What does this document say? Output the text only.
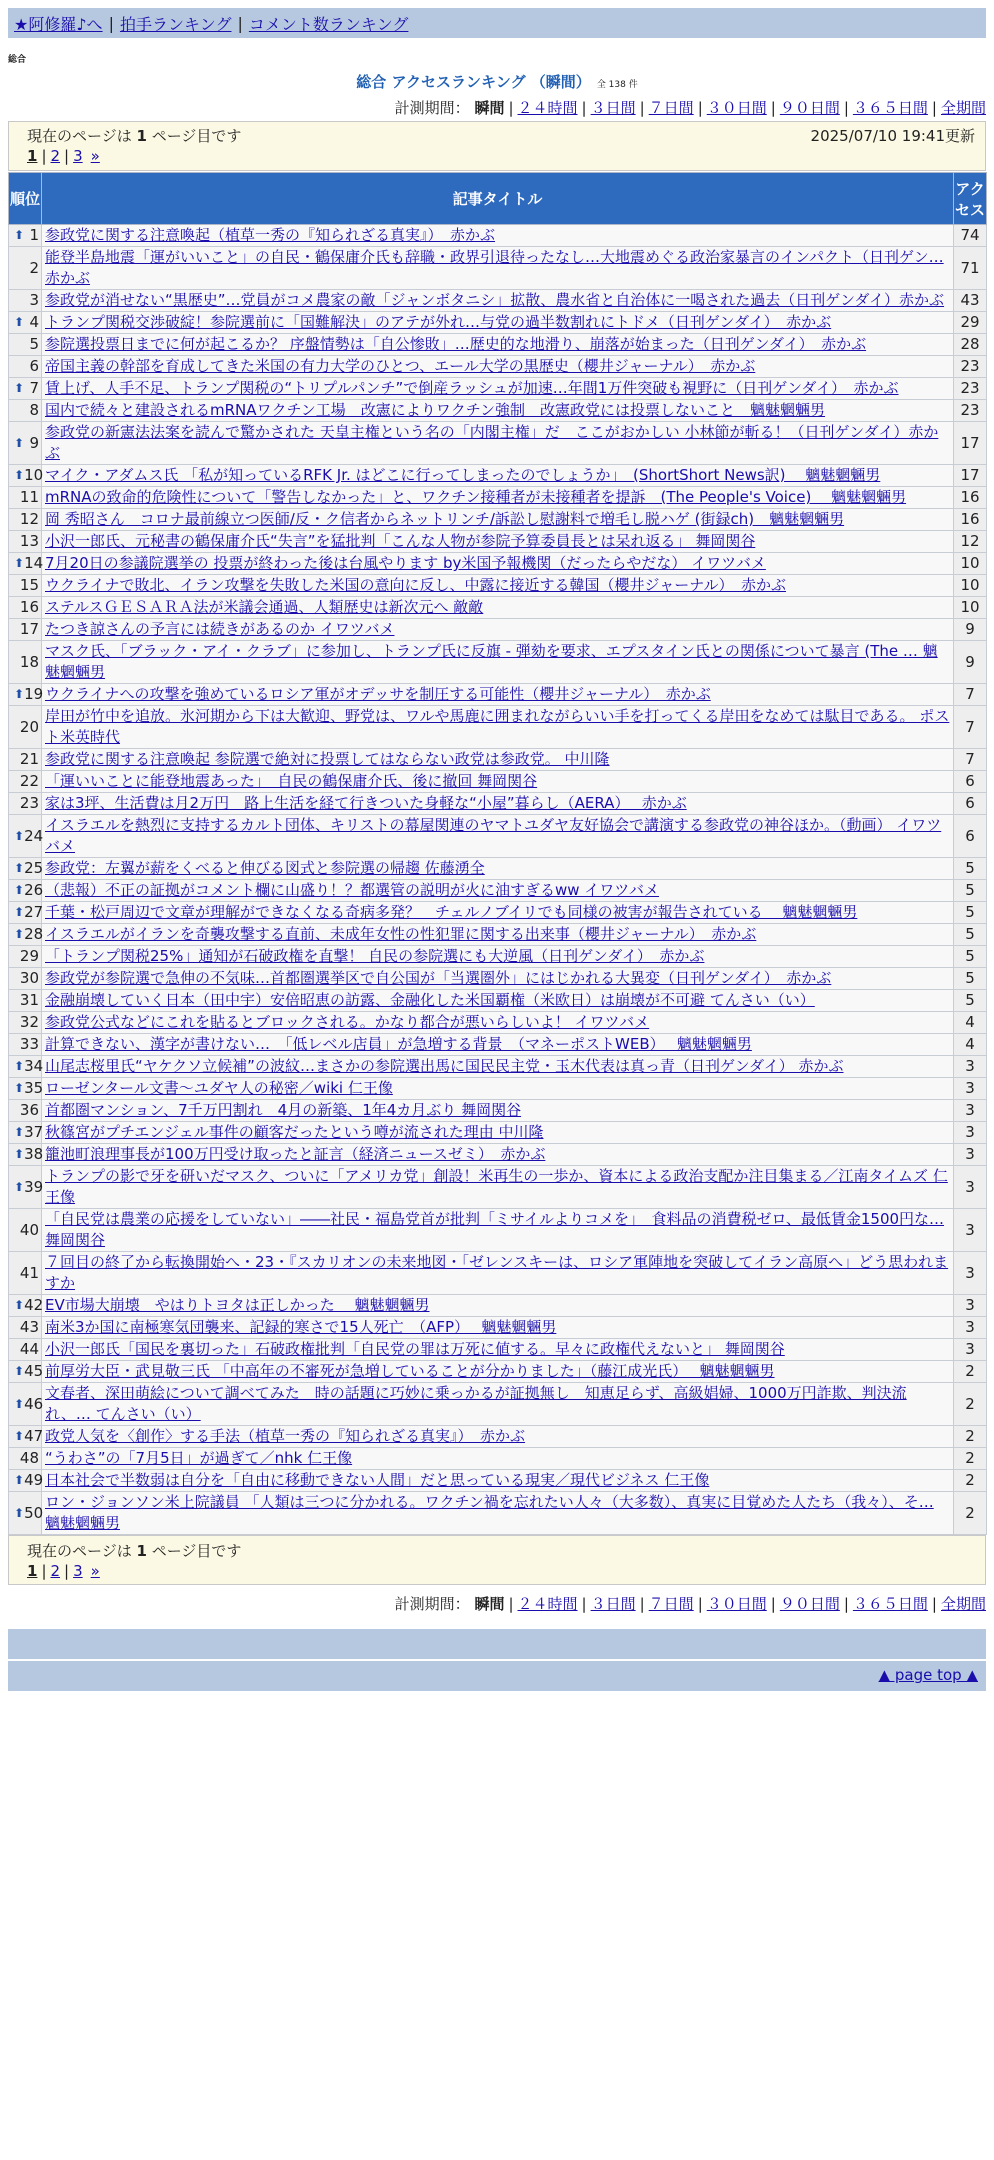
★阿修羅♪へ | 拍手ランキング | コメント数ランキング
総合
総合 アクセスランキング （瞬間） 全 138 件
計測期間： 瞬間 | ２４時間 | ３日間 | ７日間 | ３０日間 | ９０日間 | ３６５日間 | 全期間
現在のページは 1 ページ目です	2025/07/10 19:41更新
1 | 2 | 3 »
順位	記事タイトル	アクセス

⬆ 1	参政党に関する注意喚起（植草一秀の『知られざる真実』）　赤かぶ	74
2	能登半島地震「運がいいこと」の自民・鶴保庸介氏も辞職・政界引退待ったなし…大地震めぐる政治家暴言のインパクト（日刊ゲン… 赤かぶ	71
3	参政党が消せない“黒歴史”…党員がコメ農家の敵「ジャンボタニシ」拡散、農水省と自治体に一喝された過去（日刊ゲンダイ）赤かぶ	43

⬆ 4	トランプ関税交渉破綻！参院選前に「国難解決」のアテが外れ…与党の過半数割れにトドメ（日刊ゲンダイ）　赤かぶ	29
5	参院選投票日までに何が起こるか？ 序盤情勢は「自公惨敗」…歴史的な地滑り、崩落が始まった（日刊ゲンダイ）　赤かぶ	28
6	帝国主義の幹部を育成してきた米国の有力大学のひとつ、エール大学の黒歴史（櫻井ジャーナル）　赤かぶ	23

⬆ 7	賃上げ、人手不足、トランプ関税の“トリプルパンチ”で倒産ラッシュが加速…年間1万件突破も視野に（日刊ゲンダイ）　赤かぶ	23
8	国内で続々と建設されるmRNAワクチン工場　改憲によりワクチン強制　改憲政党には投票しないこと　魑魅魍魎男	23

⬆ 9	参政党の新憲法法案を読んで驚かされた 天皇主権という名の「内閣主権」だ　ここがおかしい 小林節が斬る！（日刊ゲンダイ）赤かぶ	17

⬆ 10	マイク・アダムス氏 「私が知っているRFK Jr. はどこに行ってしまったのでしょうか」　(ShortShort News訳)　 魑魅魍魎男	17
11	mRNAの致命的危険性について「警告しなかった」と、ワクチン接種者が未接種者を提訴　(The People's Voice)　 魑魅魍魎男	16
12	岡 秀昭さん　コロナ最前線立つ医師/反・ク信者からネットリンチ/訴訟し慰謝料で増毛し脱ハゲ (街録ch)　魑魅魍魎男	16
13	小沢一郎氏、元秘書の鶴保庸介氏“失言”を猛批判「こんな人物が参院予算委員長とは呆れ返る」 舞岡関谷	12

⬆ 14	7月20日の参議院選挙の 投票が終わった後は台風やります by米国予報機関（だったらやだな） イワツバメ	10
15	ウクライナで敗北、イラン攻撃を失敗した米国の意向に反し、中露に接近する韓国（櫻井ジャーナル）　赤かぶ	10
16	ステルスＧＥＳＡＲＡ法が米議会通過、人類歴史は新次元へ 敵敵	10
17	たつき諒さんの予言には続きがあるのか イワツバメ	9
18	マスク氏、「ブラック・アイ・クラブ」に参加し、トランプ氏に反旗 - 弾劾を要求、エプスタイン氏との関係について暴言 (The … 魑魅魍魎男	9

⬆ 19	ウクライナへの攻撃を強めているロシア軍がオデッサを制圧する可能性（櫻井ジャーナル）　赤かぶ	7
20	岸田が竹中を追放。氷河期から下は大歓迎、野党は、ワルや馬鹿に囲まれながらいい手を打ってくる岸田をなめては駄目である。 ポスト米英時代	7
21	参政党に関する注意喚起 参院選で絶対に投票してはならない政党は参政党。 中川隆	7
22	「運いいことに能登地震あった」　自民の鶴保庸介氏、後に撤回 舞岡関谷	6
23	家は3坪、生活費は月2万円　路上生活を経て行きついた身軽な“小屋”暮らし（AERA）　 赤かぶ	6

⬆ 24	イスラエルを熱烈に支持するカルト団体、キリストの幕屋関連のヤマトユダヤ友好協会で講演する参政党の神谷ほか。（動画） イワツバメ	6

⬆ 25	参政党：左翼が薪をくべると伸びる図式と参院選の帰趨 佐藤湧全	5

⬆ 26	（悲報）不正の証拠がコメント欄に山盛り！？都選管の説明が火に油すぎるww イワツバメ	5

⬆ 27	千葉・松戸周辺で文章が理解ができなくなる奇病多発？　チェルノブイリでも同様の被害が報告されている　 魑魅魍魎男	5

⬆ 28	イスラエルがイランを奇襲攻撃する直前、未成年女性の性犯罪に関する出来事（櫻井ジャーナル）　赤かぶ	5
29	「トランプ関税25%」通知が石破政権を直撃！ 自民の参院選にも大逆風（日刊ゲンダイ）　赤かぶ	5
30	参政党が参院選で急伸の不気味…首都圏選挙区で自公国が「当選圏外」にはじかれる大異変（日刊ゲンダイ）　赤かぶ	5
31	金融崩壊していく日本（田中宇）安倍昭恵の訪露、金融化した米国覇権（米欧日）は崩壊が不可避 てんさい（い）	5
32	参政党公式などにこれを貼るとブロックされる。かなり都合が悪いらしいよ！ イワツバメ	4
33	計算できない、漢字が書けない…　「低レベル店員」が急増する背景　（マネーポストWEB）　 魑魅魍魎男	4

⬆ 34	山尾志桜里氏“ヤケクソ立候補”の波紋…まさかの参院選出馬に国民民主党・玉木代表は真っ青（日刊ゲンダイ） 赤かぶ	3

⬆ 35	ローゼンタール文書〜ユダヤ人の秘密／wiki 仁王像	3
36	首都圏マンション、7千万円割れ　4月の新築、1年4カ月ぶり 舞岡関谷	3

⬆ 37	秋篠宮がプチエンジェル事件の顧客だったという噂が流された理由 中川隆	3

⬆ 38	籠池町浪理事長が100万円受け取ったと証言（経済ニュースゼミ）　赤かぶ	3

⬆ 39	トランプの影で牙を研いだマスク、ついに「アメリカ党」創設！米再生の一歩か、資本による政治支配か注目集まる／江南タイムズ 仁王像	3
40	「自民党は農業の応援をしていない」――社民・福島党首が批判「ミサイルよりコメを」　食料品の消費税ゼロ、最低賃金1500円な… 舞岡関谷	3
41	７回目の終了から転換開始へ・23・『スカリオンの未来地図・「ゼレンスキーは、ロシア軍陣地を突破してイラン高原へ」どう思われますか	3

⬆ 42	EV市場大崩壊　やはりトヨタは正しかった　 魑魅魍魎男	3
43	南米3か国に南極寒気団襲来、記録的寒さで15人死亡　（AFP）　 魑魅魍魎男	3
44	小沢一郎氏「国民を裏切った」石破政権批判「自民党の罪は万死に値する。早々に政権代えないと」 舞岡関谷	3

⬆ 45	前厚労大臣・武見敬三氏 「中高年の不審死が急増していることが分かりました」（藤江成光氏）　 魑魅魍魎男	2

⬆ 46	文春者、深田萌絵について調べてみた　時の話題に巧妙に乗っかるが証拠無し　知恵足らず、高級娼婦、1000万円詐欺、判決流れ、… てんさい（い）	2

⬆ 47	政党人気を〈創作〉する手法（植草一秀の『知られざる真実』）　赤かぶ	2
48	“うわさ”の「7月5日」が過ぎて／nhk 仁王像	2

⬆ 49	日本社会で半数弱は自分を「自由に移動できない人間」だと思っている現実／現代ビジネス 仁王像	2

⬆ 50	ロン・ジョンソン米上院議員 「人類は三つに分かれる。ワクチン禍を忘れたい人々（大多数）、真実に目覚めた人たち（我々）、そ… 魑魅魍魎男	2
現在のページは 1 ページ目です
1 | 2 | 3 »
計測期間： 瞬間 | ２４時間 | ３日間 | ７日間 | ３０日間 | ９０日間 | ３６５日間 | 全期間
▲ page top ▲
